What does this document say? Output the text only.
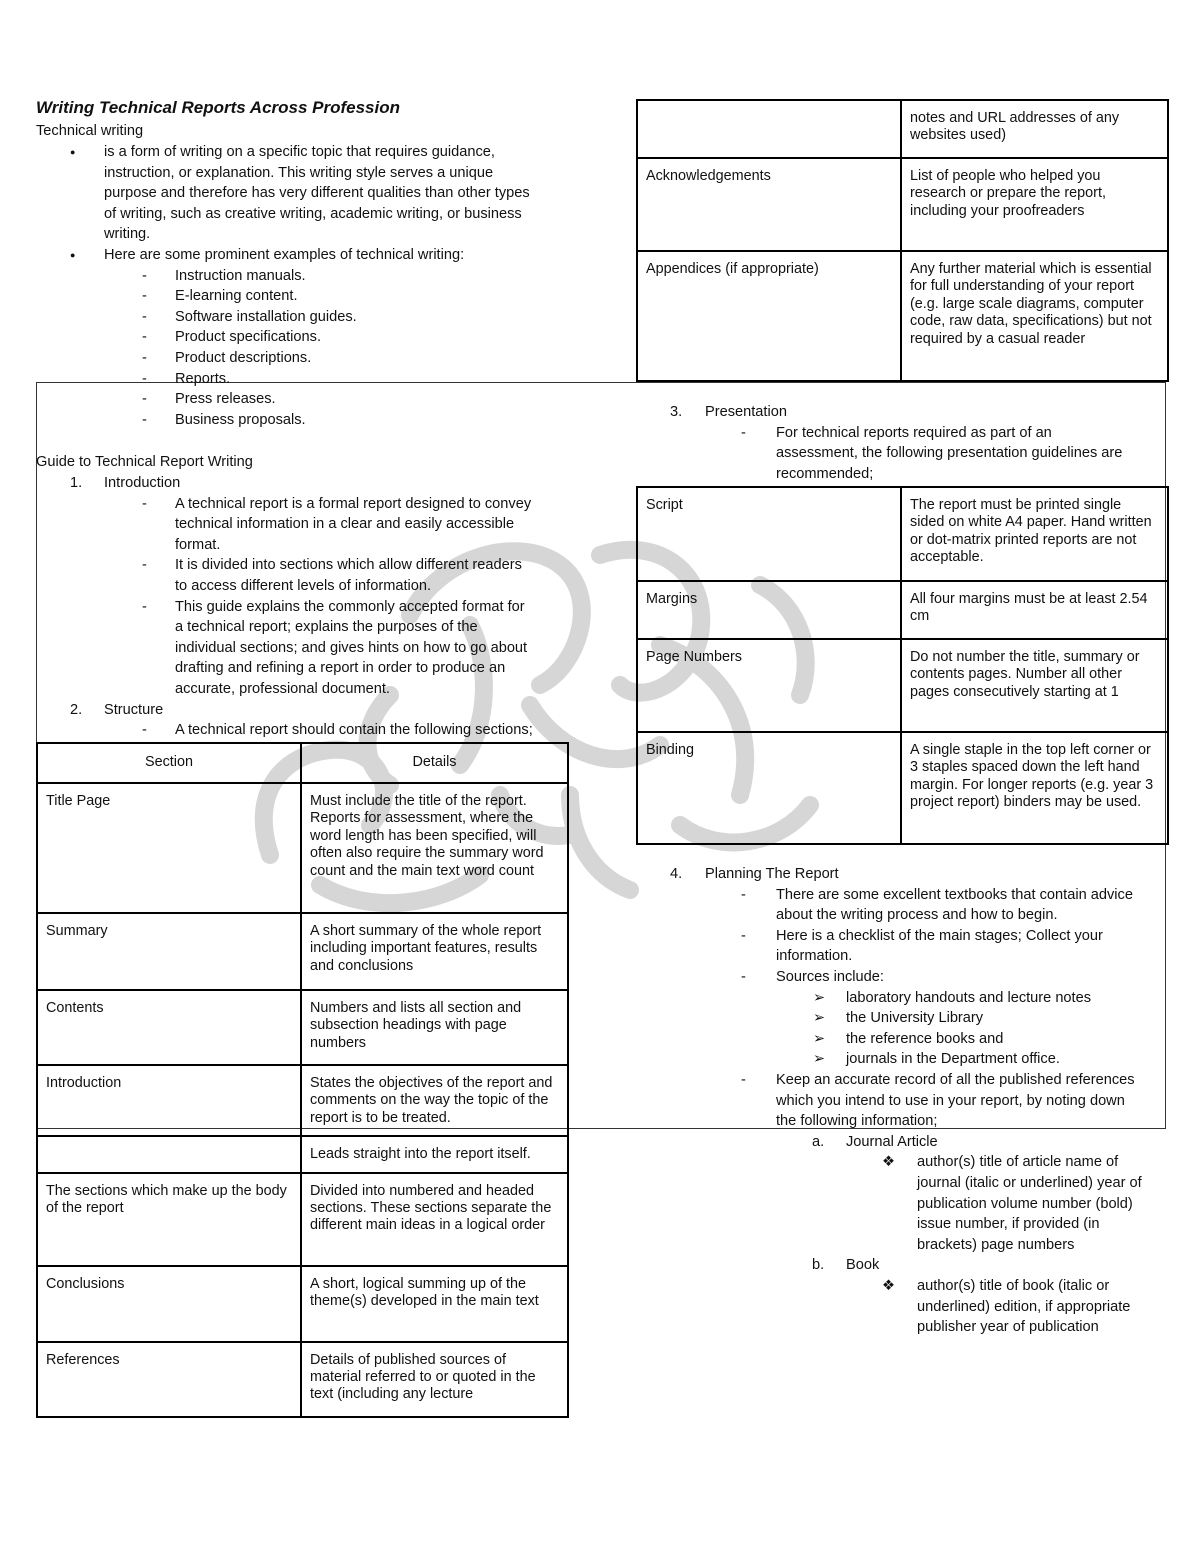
Writing Technical Reports Across Profession
Technical writing
● is a form of writing on a specific topic that requires guidance,
instruction, or explanation. This writing style serves a unique
purpose and therefore has very different qualities than other types
of writing, such as creative writing, academic writing, or business
writing.
● Here are some prominent examples of technical writing:
- Instruction manuals.
- E-learning content.
- Software installation guides.
- Product specifications.
- Product descriptions.
- Reports.
- Press releases.
- Business proposals.
Guide to Technical Report Writing
1. Introduction
- A technical report is a formal report designed to convey
technical information in a clear and easily accessible
format.
- It is divided into sections which allow different readers
to access different levels of information.
- This guide explains the commonly accepted format for
a technical report; explains the purposes of the
individual sections; and gives hints on how to go about
drafting and refining a report in order to produce an
accurate, professional document.
2. Structure
- A technical report should contain the following sections;
Section	Details
Title Page	Must include the title of the report. Reports for assessment, where the word length has been specified, will often also require the summary word count and the main text word count
Summary	A short summary of the whole report including important features, results and conclusions
Contents	Numbers and lists all section and subsection headings with page numbers
Introduction	States the objectives of the report and comments on the way the topic of the report is to be treated.
	Leads straight into the report itself.
The sections which make up the body of the report	Divided into numbered and headed sections. These sections separate the different main ideas in a logical order
Conclusions	A short, logical summing up of the theme(s) developed in the main text
References	Details of published sources of material referred to or quoted in the text (including any lecture
	notes and URL addresses of any websites used)
Acknowledgements	List of people who helped you research or prepare the report, including your proofreaders
Appendices (if appropriate)	Any further material which is essential for full understanding of your report (e.g. large scale diagrams, computer code, raw data, specifications) but not required by a casual reader
3. Presentation
- For technical reports required as part of an
assessment, the following presentation guidelines are
recommended;
Script	The report must be printed single sided on white A4 paper. Hand written or dot-matrix printed reports are not acceptable.
Margins	All four margins must be at least 2.54 cm
Page Numbers	Do not number the title, summary or contents pages. Number all other pages consecutively starting at 1
Binding	A single staple in the top left corner or 3 staples spaced down the left hand margin. For longer reports (e.g. year 3 project report) binders may be used.
4. Planning The Report
- There are some excellent textbooks that contain advice
about the writing process and how to begin.
- Here is a checklist of the main stages; Collect your
information.
- Sources include:
➢ laboratory handouts and lecture notes
➢ the University Library
➢ the reference books and
➢ journals in the Department office.
- Keep an accurate record of all the published references
which you intend to use in your report, by noting down
the following information;
a. Journal Article
❖ author(s) title of article name of
journal (italic or underlined) year of
publication volume number (bold)
issue number, if provided (in
brackets) page numbers
b. Book
❖ author(s) title of book (italic or
underlined) edition, if appropriate
publisher year of publication
